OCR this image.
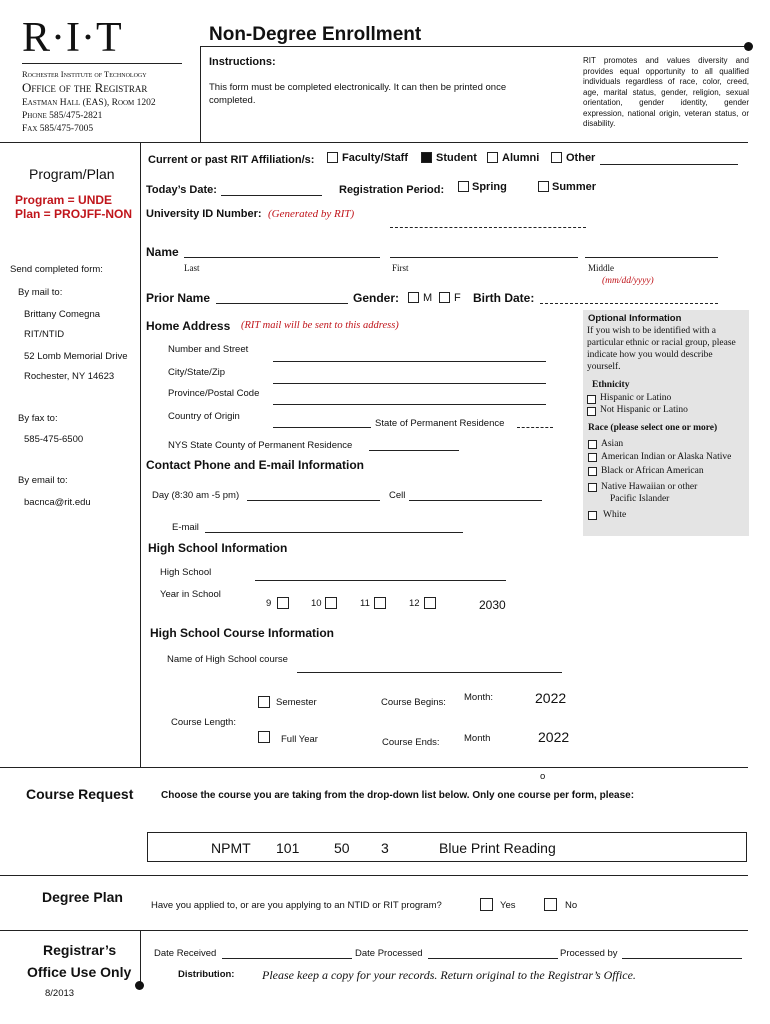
R·I·T
Rochester Institute of Technology
Office of the Registrar
Eastman Hall (EAS), Room 1202
Phone 585/475-2821
Fax 585/475-7005
Non-Degree Enrollment
Instructions:
This form must be completed electronically. It can then be printed once completed.
RIT promotes and values diversity and provides equal opportunity to all qualified individuals regardless of race, color, creed, age, marital status, gender, religion, sexual orientation, gender identity, gender expression, national origin, veteran status, or disability.
Program/Plan
Program = UNDE
Plan = PROJFF-NON
Send completed form:
By mail to:
Brittany Comegna
RIT/NTID
52 Lomb Memorial Drive
Rochester, NY 14623
By fax to:
585-475-6500
By email to:
bacnca@rit.edu
Course Request
Degree Plan
Registrar’s
Office Use Only
8/2013
Current or past RIT Affiliation/s:	Faculty/Staff	Student Alumni Other
Today’s Date:	Registration Period:	Spring	Summer
University ID Number: (Generated by RIT)
Name
Last	First	Middle
(mm/dd/yyyy)
Prior Name	Gender: M F Birth Date:
Home Address (RIT mail will be sent to this address)
Number and Street
City/State/Zip
Province/Postal Code
Country of Origin
State of Permanent Residence
NYS State County of Permanent Residence
Contact Phone and E-mail Information
Day (8:30 am -5 pm)	Cell
E-mail
Optional Information
If you wish to be identified with a particular ethnic or racial group, please indicate how you would describe yourself.
Ethnicity
Hispanic or Latino
Not Hispanic or Latino
Race (please select one or more)
Asian
American Indian or Alaska Native
Black or African American
Native Hawaiian or other
Pacific Islander
White
High School Information
High School
Year in School
9	10	11	12	2030
High School Course Information
Name of High School course
Semester
Course Length:
Full Year
Course Begins: Month:	2022
Course Ends:	Month	2022
o
Choose the course you are taking from the drop-down list below. Only one course per form, please:
NPMT 101 50 3	Blue Print Reading
Have you applied to, or are you applying to an NTID or RIT program?	Yes	No
Date Received	Date Processed	Processed by
Distribution: Please keep a copy for your records. Return original to the Registrar’s Office.
